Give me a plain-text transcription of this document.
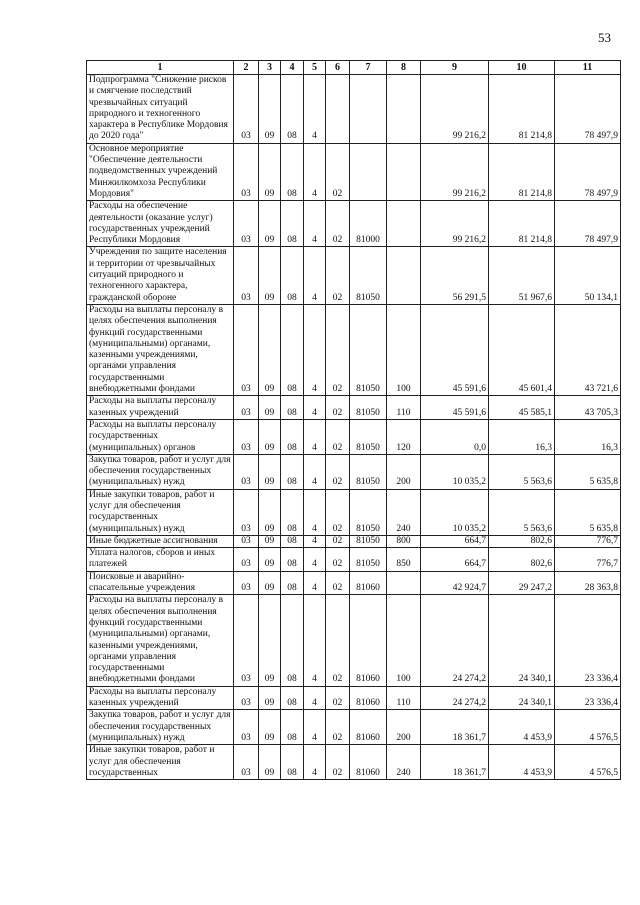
53
1	2	3	4	5	6	7	8	9	10	11
Подпрограмма "Снижение рисков и смягчение последствий чрезвычайных ситуаций природного и техногенного характера в Республике Мордовия до 2020 года"	03	09	08	4				99 216,2	81 214,8	78 497,9
Основное мероприятие "Обеспечение деятельности подведомственных учреждений Минжилкомхоза Республики Мордовия"	03	09	08	4	02			99 216,2	81 214,8	78 497,9
Расходы на обеспечение деятельности (оказание услуг) государственных учреждений Республики Мордовия	03	09	08	4	02	81000		99 216,2	81 214,8	78 497,9
Учреждения по защите населения и территории от чрезвычайных ситуаций природного и техногенного характера, гражданской обороне	03	09	08	4	02	81050		56 291,5	51 967,6	50 134,1
Расходы на выплаты персоналу в целях обеспечения выполнения функций государственными (муниципальными) органами, казенными учреждениями, органами управления государственными внебюджетными фондами	03	09	08	4	02	81050	100	45 591,6	45 601,4	43 721,6
Расходы на выплаты персоналу казенных учреждений	03	09	08	4	02	81050	110	45 591,6	45 585,1	43 705,3
Расходы на выплаты персоналу государственных (муниципальных) органов	03	09	08	4	02	81050	120	0,0	16,3	16,3
Закупка товаров, работ и услуг для обеспечения государственных (муниципальных) нужд	03	09	08	4	02	81050	200	10 035,2	5 563,6	5 635,8
Иные закупки товаров, работ и услуг для обеспечения государственных (муниципальных) нужд	03	09	08	4	02	81050	240	10 035,2	5 563,6	5 635,8
Иные бюджетные ассигнования	03	09	08	4	02	81050	800	664,7	802,6	776,7
Уплата налогов, сборов и иных платежей	03	09	08	4	02	81050	850	664,7	802,6	776,7
Поисковые и аварийно-спасательные учреждения	03	09	08	4	02	81060		42 924,7	29 247,2	28 363,8
Расходы на выплаты персоналу в целях обеспечения выполнения функций государственными (муниципальными) органами, казенными учреждениями, органами управления государственными внебюджетными фондами	03	09	08	4	02	81060	100	24 274,2	24 340,1	23 336,4
Расходы на выплаты персоналу казенных учреждений	03	09	08	4	02	81060	110	24 274,2	24 340,1	23 336,4
Закупка товаров, работ и услуг для обеспечения государственных (муниципальных) нужд	03	09	08	4	02	81060	200	18 361,7	4 453,9	4 576,5
Иные закупки товаров, работ и услуг для обеспечения государственных	03	09	08	4	02	81060	240	18 361,7	4 453,9	4 576,5
